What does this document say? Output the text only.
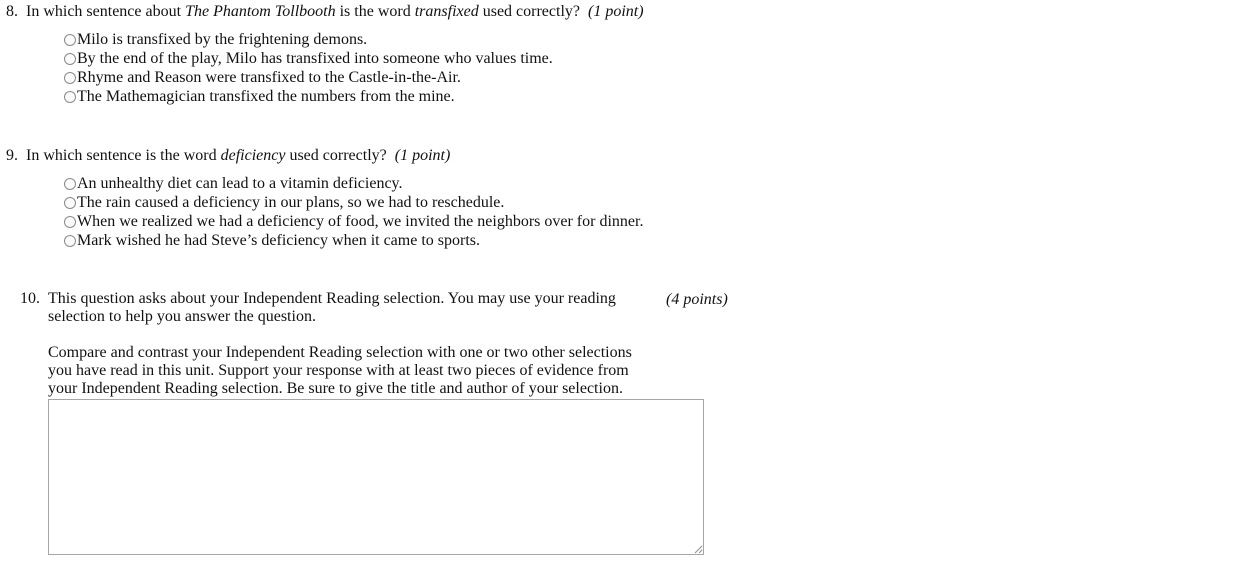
8. In which sentence about The Phantom Tollbooth is the word transfixed used correctly? (1 point)
Milo is transfixed by the frightening demons.
By the end of the play, Milo has transfixed into someone who values time.
Rhyme and Reason were transfixed to the Castle-in-the-Air.
The Mathemagician transfixed the numbers from the mine.
9. In which sentence is the word deficiency used correctly? (1 point)
An unhealthy diet can lead to a vitamin deficiency.
The rain caused a deficiency in our plans, so we had to reschedule.
When we realized we had a deficiency of food, we invited the neighbors over for dinner.
Mark wished he had Steve’s deficiency when it came to sports.
10. This question asks about your Independent Reading selection. You may use your reading selection to help you answer the question.
Compare and contrast your Independent Reading selection with one or two other selections you have read in this unit. Support your response with at least two pieces of evidence from your Independent Reading selection. Be sure to give the title and author of your selection.
(4 points)
